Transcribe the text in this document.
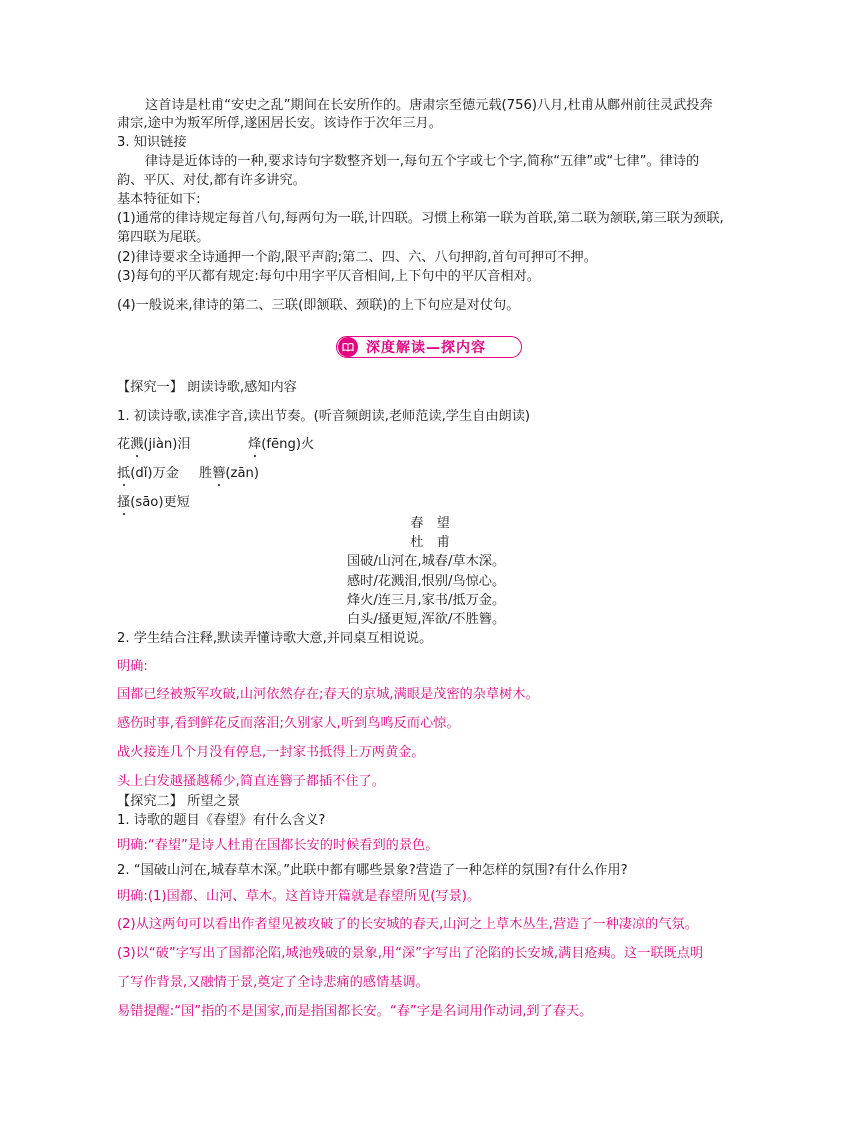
这首诗是杜甫“安史之乱”期间在长安所作的。唐肃宗至德元载(756)八月,杜甫从鄜州前往灵武投奔
肃宗,途中为叛军所俘,遂困居长安。该诗作于次年三月。
3. 知识链接
律诗是近体诗的一种,要求诗句字数整齐划一,每句五个字或七个字,简称“五律”或“七律”。律诗的
韵、平仄、对仗,都有许多讲究。
基本特征如下:
(1)通常的律诗规定每首八句,每两句为一联,计四联。习惯上称第一联为首联,第二联为颔联,第三联为颈联,
第四联为尾联。
(2)律诗要求全诗通押一个韵,限平声韵;第二、四、六、八句押韵,首句可押可不押。
(3)每句的平仄都有规定:每句中用字平仄音相间,上下句中的平仄音相对。
(4)一般说来,律诗的第二、三联(即颔联、颈联)的上下句应是对仗句。
深度解读—探内容
【探究一】 朗读诗歌,感知内容
1. 初读诗歌,读准字音,读出节奏。(听音频朗读,老师范读,学生自由朗读)
花溅(jiàn)泪	烽(fēng)火
抵(dǐ)万金 胜簪(zān)
搔(sāo)更短
春　望
杜　甫
国破/山河在,城春/草木深。
感时/花溅泪,恨别/鸟惊心。
烽火/连三月,家书/抵万金。
白头/搔更短,浑欲/不胜簪。
2. 学生结合注释,默读弄懂诗歌大意,并同桌互相说说。
明确:
国都已经被叛军攻破,山河依然存在;春天的京城,满眼是茂密的杂草树木。
感伤时事,看到鲜花反而落泪;久别家人,听到鸟鸣反而心惊。
战火接连几个月没有停息,一封家书抵得上万两黄金。
头上白发越搔越稀少,简直连簪子都插不住了。
【探究二】 所望之景
1. 诗歌的题目《春望》有什么含义?
明确:“春望”是诗人杜甫在国都长安的时候看到的景色。
2. “国破山河在,城春草木深。”此联中都有哪些景象?营造了一种怎样的氛围?有什么作用?
明确:(1)国都、山河、草木。这首诗开篇就是春望所见(写景)。
(2)从这两句可以看出作者望见被攻破了的长安城的春天,山河之上草木丛生,营造了一种凄凉的气氛。
(3)以“破”字写出了国都沦陷,城池残破的景象,用“深”字写出了沦陷的长安城,满目疮痍。这一联既点明
了写作背景,又融情于景,奠定了全诗悲痛的感情基调。
易错提醒:“国”指的不是国家,而是指国都长安。“春”字是名词用作动词,到了春天。
